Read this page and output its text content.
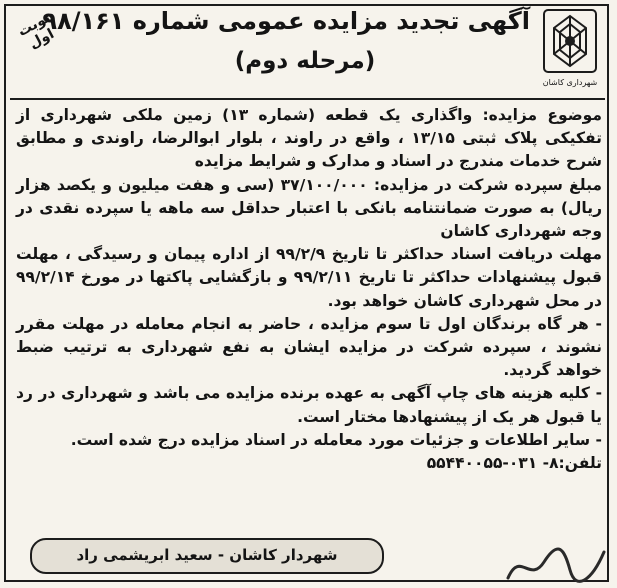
شهرداری کاشان
آگهی تجدید مزایده عمومی شماره ۹۸/۱۶۱
(مرحله دوم)
نوبت اول

موضوع مزایده: واگذاری یک قطعه (شماره ۱۳) زمین ملکی شهرداری از تفکیکی پلاک ثبتی ۱۳/۱۵ ، واقع در راوند ، بلوار ابوالرضا، راوندی و مطابق شرح خدمات مندرج در اسناد و مدارک و شرایط مزایده

مبلغ سپرده شرکت در مزایده: ۳۷/۱۰۰/۰۰۰ (سی و هفت میلیون و یکصد هزار ریال) به صورت ضمانتنامه بانکی با اعتبار حداقل سه ماهه یا سپرده نقدی در وجه شهرداری کاشان

مهلت دریافت اسناد حداکثر تا تاریخ ۹۹/۲/۹ از اداره پیمان و رسیدگی ، مهلت قبول پیشنهادات حداکثر تا تاریخ ۹۹/۲/۱۱ و بازگشایی پاکتها در مورخ ۹۹/۲/۱۴ در محل شهرداری کاشان خواهد بود.

- هر گاه برندگان اول تا سوم مزایده ، حاضر به انجام معامله در مهلت مقرر نشوند ، سپرده شرکت در مزایده ایشان به نفع شهرداری به ترتیب ضبط خواهد گردید.

- کلیه هزینه های چاپ آگهی به عهده برنده مزایده می باشد و شهرداری در رد یا قبول هر یک از پیشنهادها مختار است.

- سایر اطلاعات و جزئیات مورد معامله در اسناد مزایده درج شده است.

تلفن:۸- ۰۳۱-۵۵۴۴۰۰۵۵

شهردار کاشان - سعید ابریشمی راد
